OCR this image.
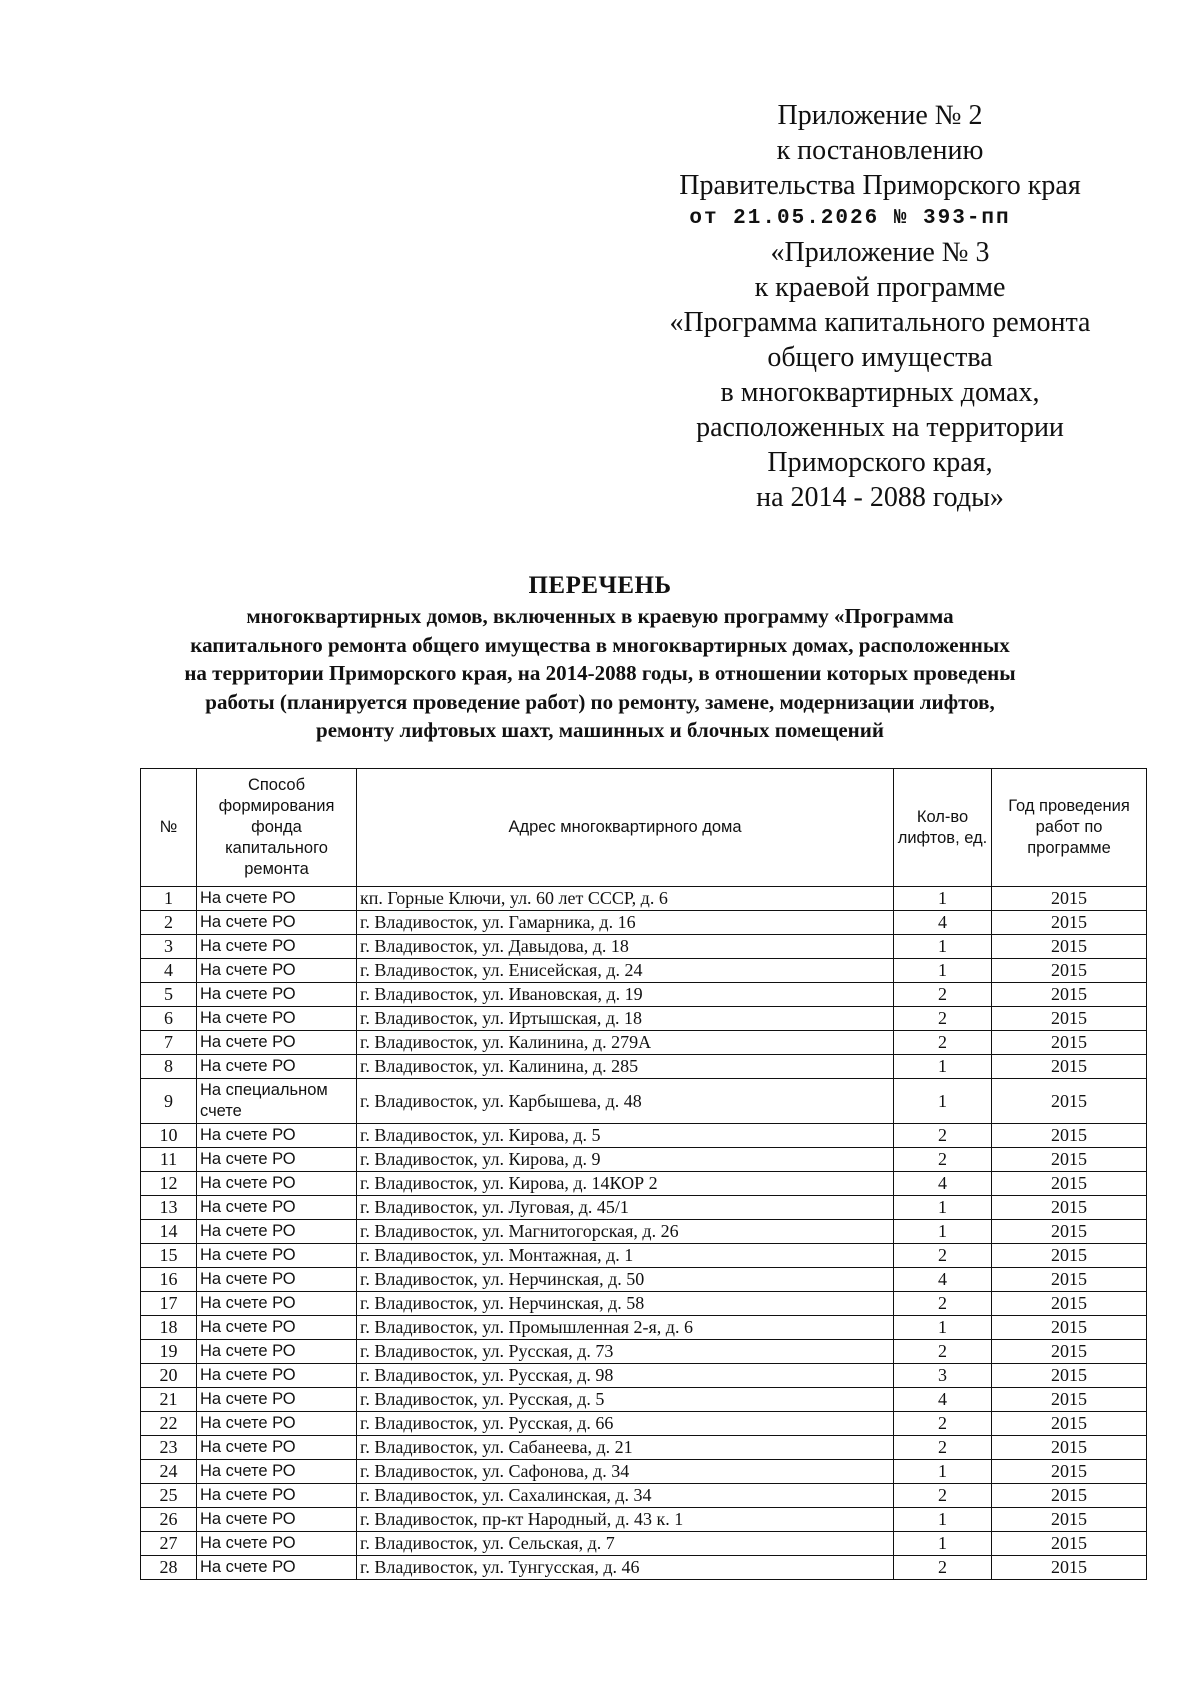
Приложение № 2
к постановлению
Правительства Приморского края
от 21.05.2026 № 393-пп
«Приложение № 3
к краевой программе
«Программа капитального ремонта
общего имущества
в многоквартирных домах,
расположенных на территории
Приморского края,
на 2014 - 2088 годы»
ПЕРЕЧЕНЬ
многоквартирных домов, включенных в краевую программу «Программа
капитального ремонта общего имущества в многоквартирных домах, расположенных
на территории Приморского края, на 2014-2088 годы, в отношении которых проведены
работы (планируется проведение работ) по ремонту, замене, модернизации лифтов,
ремонту лифтовых шахт, машинных и блочных помещений
№	Способ формирования фонда капитального ремонта	Адрес многоквартирного дома	Кол-во лифтов, ед.	Год проведения работ по программе
1	На счете РО	кп. Горные Ключи, ул. 60 лет СССР, д. 6	1	2015
2	На счете РО	г. Владивосток, ул. Гамарника, д. 16	4	2015
3	На счете РО	г. Владивосток, ул. Давыдова, д. 18	1	2015
4	На счете РО	г. Владивосток, ул. Енисейская, д. 24	1	2015
5	На счете РО	г. Владивосток, ул. Ивановская, д. 19	2	2015
6	На счете РО	г. Владивосток, ул. Иртышская, д. 18	2	2015
7	На счете РО	г. Владивосток, ул. Калинина, д. 279А	2	2015
8	На счете РО	г. Владивосток, ул. Калинина, д. 285	1	2015
9	На специальном счете	г. Владивосток, ул. Карбышева, д. 48	1	2015
10	На счете РО	г. Владивосток, ул. Кирова, д. 5	2	2015
11	На счете РО	г. Владивосток, ул. Кирова, д. 9	2	2015
12	На счете РО	г. Владивосток, ул. Кирова, д. 14КОР 2	4	2015
13	На счете РО	г. Владивосток, ул. Луговая, д. 45/1	1	2015
14	На счете РО	г. Владивосток, ул. Магнитогорская, д. 26	1	2015
15	На счете РО	г. Владивосток, ул. Монтажная, д. 1	2	2015
16	На счете РО	г. Владивосток, ул. Нерчинская, д. 50	4	2015
17	На счете РО	г. Владивосток, ул. Нерчинская, д. 58	2	2015
18	На счете РО	г. Владивосток, ул. Промышленная 2-я, д. 6	1	2015
19	На счете РО	г. Владивосток, ул. Русская, д. 73	2	2015
20	На счете РО	г. Владивосток, ул. Русская, д. 98	3	2015
21	На счете РО	г. Владивосток, ул. Русская, д. 5	4	2015
22	На счете РО	г. Владивосток, ул. Русская, д. 66	2	2015
23	На счете РО	г. Владивосток, ул. Сабанеева, д. 21	2	2015
24	На счете РО	г. Владивосток, ул. Сафонова, д. 34	1	2015
25	На счете РО	г. Владивосток, ул. Сахалинская, д. 34	2	2015
26	На счете РО	г. Владивосток, пр-кт Народный, д. 43 к. 1	1	2015
27	На счете РО	г. Владивосток, ул. Сельская, д. 7	1	2015
28	На счете РО	г. Владивосток, ул. Тунгусская, д. 46	2	2015
